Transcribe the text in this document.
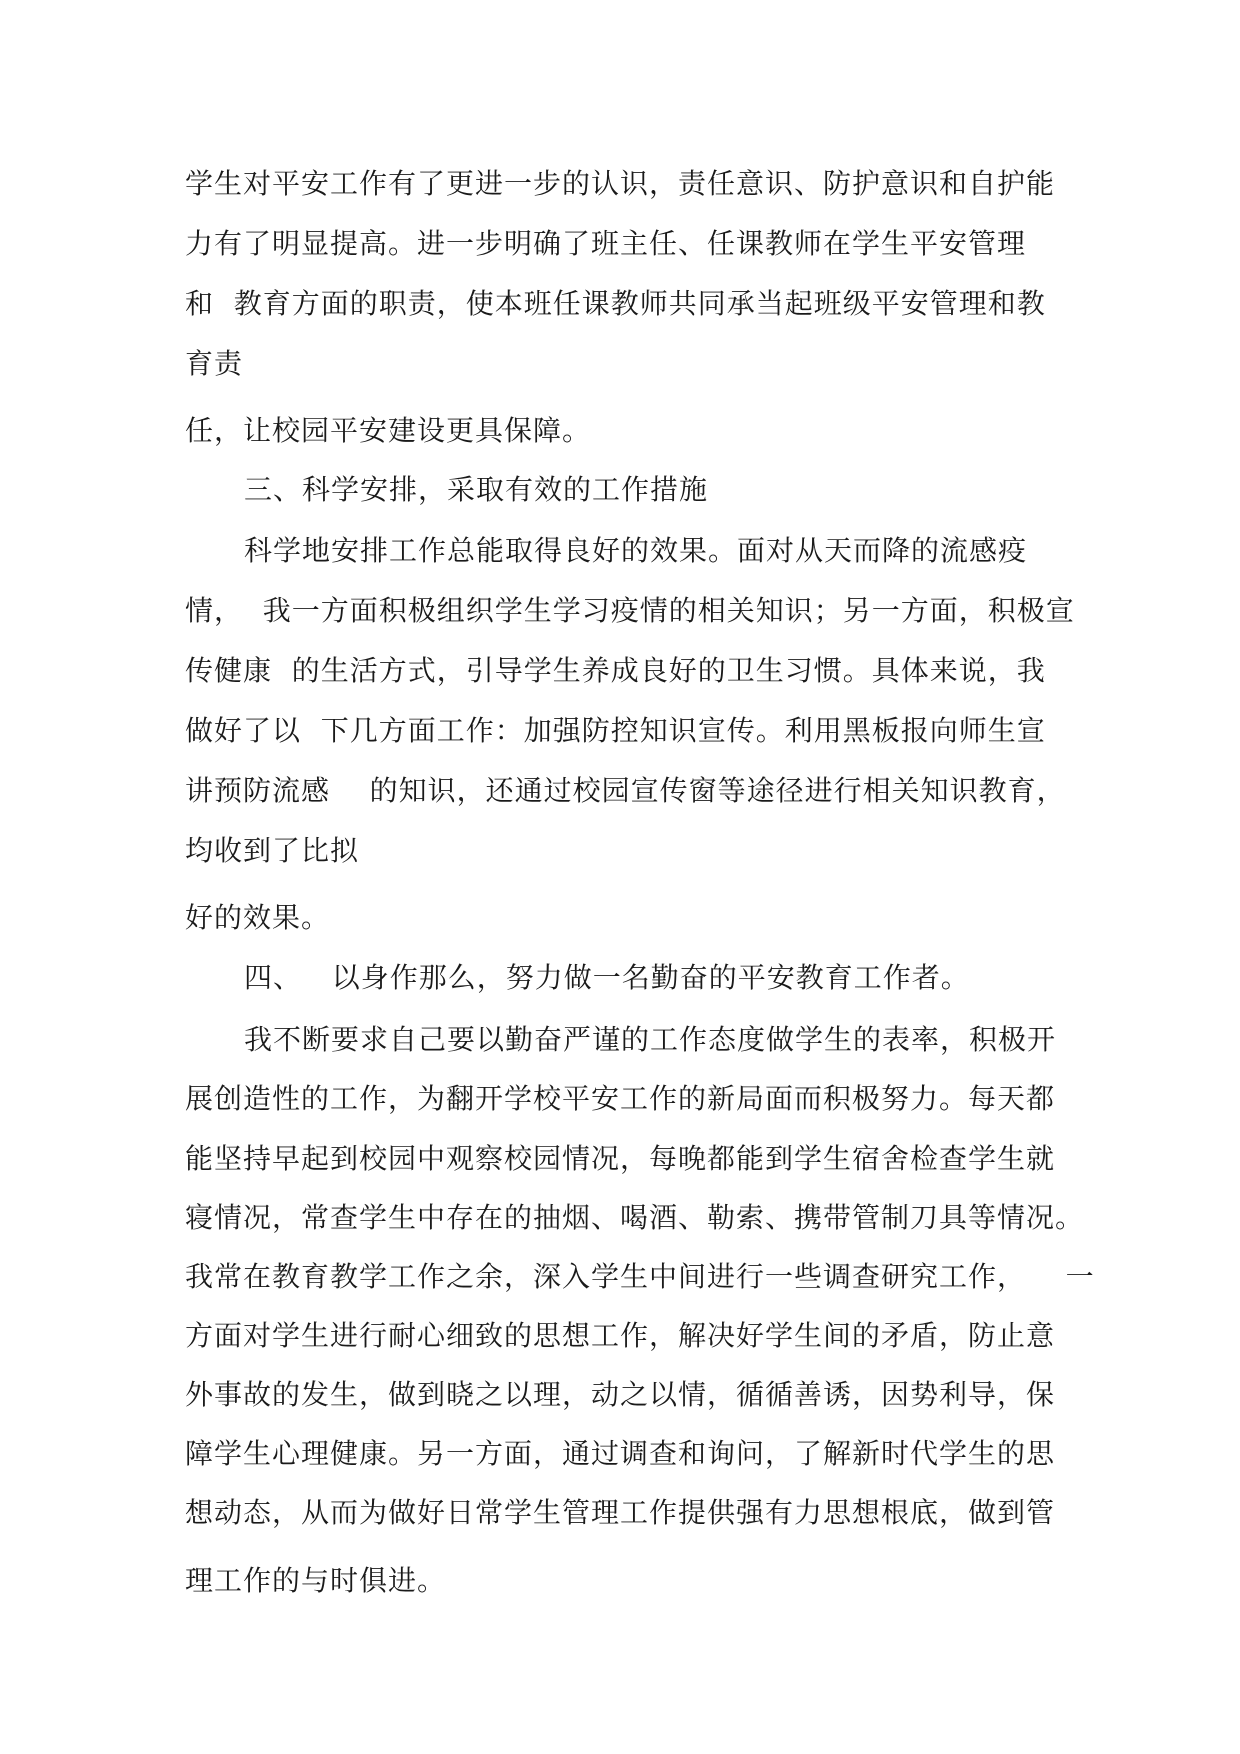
学生对平安工作有了更进一步的认识，责任意识、防护意识和自护能
力有了明显提高。进一步明确了班主任、任课教师在学生平安管理
和  教育方面的职责，使本班任课教师共同承当起班级平安管理和教
育责
任，让校园平安建设更具保障。
三、科学安排，采取有效的工作措施
科学地安排工作总能取得良好的效果。面对从天而降的流感疫
情，  我一方面积极组织学生学习疫情的相关知识；另一方面，积极宣
传健康  的生活方式，引导学生养成良好的卫生习惯。具体来说，我
做好了以  下几方面工作：加强防控知识宣传。利用黑板报向师生宣
讲预防流感    的知识，还通过校园宣传窗等途径进行相关知识教育，
均收到了比拟
好的效果。
四、   以身作那么，努力做一名勤奋的平安教育工作者。
我不断要求自己要以勤奋严谨的工作态度做学生的表率，积极开
展创造性的工作，为翻开学校平安工作的新局面而积极努力。每天都
能坚持早起到校园中观察校园情况，每晚都能到学生宿舍检查学生就
寝情况，常查学生中存在的抽烟、喝酒、勒索、携带管制刀具等情况。
我常在教育教学工作之余，深入学生中间进行一些调查研究工作，    一
方面对学生进行耐心细致的思想工作，解决好学生间的矛盾，防止意
外事故的发生，做到晓之以理，动之以情，循循善诱，因势利导，保
障学生心理健康。另一方面，通过调查和询问，了解新时代学生的思
想动态，从而为做好日常学生管理工作提供强有力思想根底，做到管
理工作的与时俱进。
